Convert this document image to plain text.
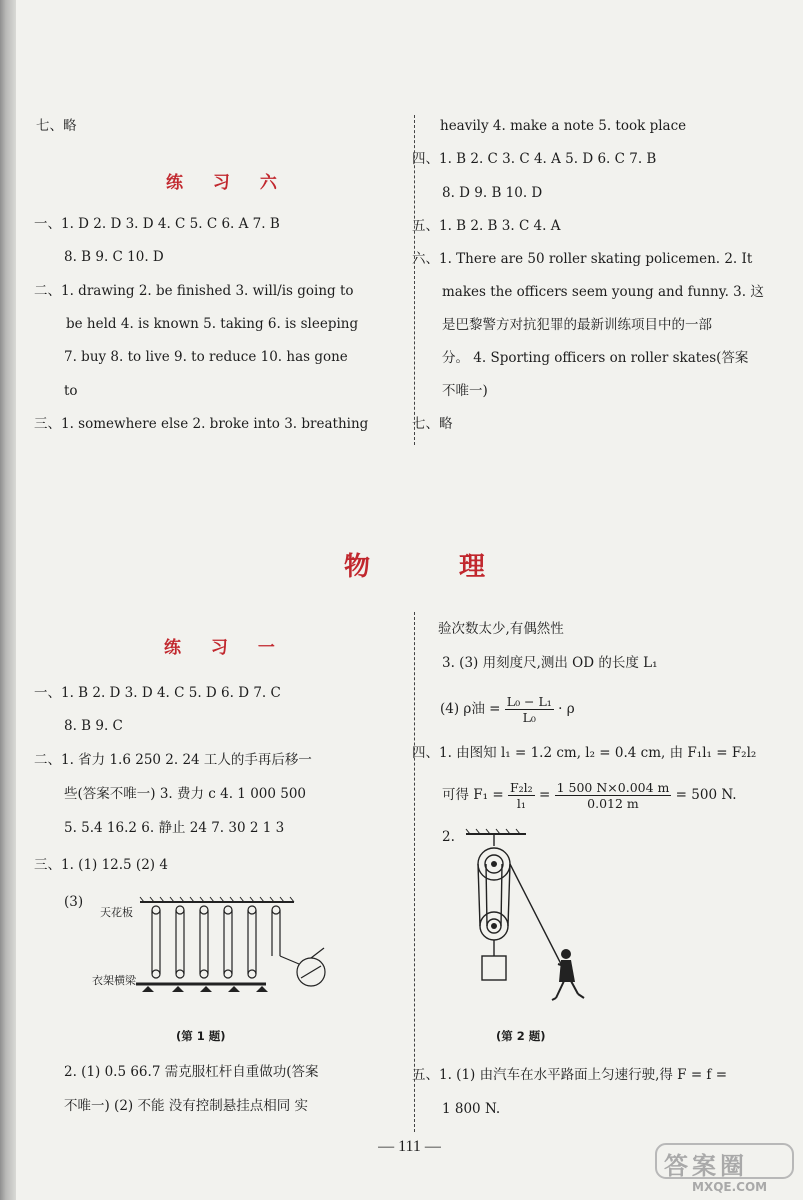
七、略
练 习 六
一、1. D 2. D 3. D 4. C 5. C 6. A 7. B
8. B 9. C 10. D
二、1. drawing 2. be finished 3. will/is going to
be held 4. is known 5. taking 6. is sleeping
7. buy 8. to live 9. to reduce 10. has gone
to
三、1. somewhere else 2. broke into 3. breathing
heavily 4. make a note 5. took place
四、1. B 2. C 3. C 4. A 5. D 6. C 7. B
8. D 9. B 10. D
五、1. B 2. B 3. C 4. A
六、1. There are 50 roller skating policemen. 2. It
makes the officers seem young and funny. 3. 这
是巴黎警方对抗犯罪的最新训练项目中的一部
分。 4. Sporting officers on roller skates(答案
不唯一)
七、略
物 理
练 习 一
一、1. B 2. D 3. D 4. C 5. D 6. D 7. C
8. B 9. C
二、1. 省力 1.6 250 2. 24 工人的手再后移一
些(答案不唯一) 3. 费力 c 4. 1 000 500
5. 5.4 16.2 6. 静止 24 7. 30 2 1 3
三、1. (1) 12.5 (2) 4
(3)
天花板
衣架横梁
(第 1 题)
2. (1) 0.5 66.7 需克服杠杆自重做功(答案
不唯一) (2) 不能 没有控制悬挂点相同 实
验次数太少,有偶然性
3. (3) 用刻度尺,测出 OD 的长度 L₁
(4) ρ油 = $\frac{\text{L₀ − L₁}}{\text{L₀}} \cdot \rho$
四、1. 由图知 l₁ = 1.2 cm, l₂ = 0.4 cm, 由 F₁l₁ = F₂l₂
可得 $F_1 = \frac{\text{F₂l₂}}{\text{l₁}} = \frac{1 500 N\times 0.004 m}{0.012 m} = 500$ N.
2.
(第 2 题)
五、1. (1) 由汽车在水平路面上匀速行驶,得 F = f =
1 800 N.
— 111 —
答案圈
MXQE.COM
